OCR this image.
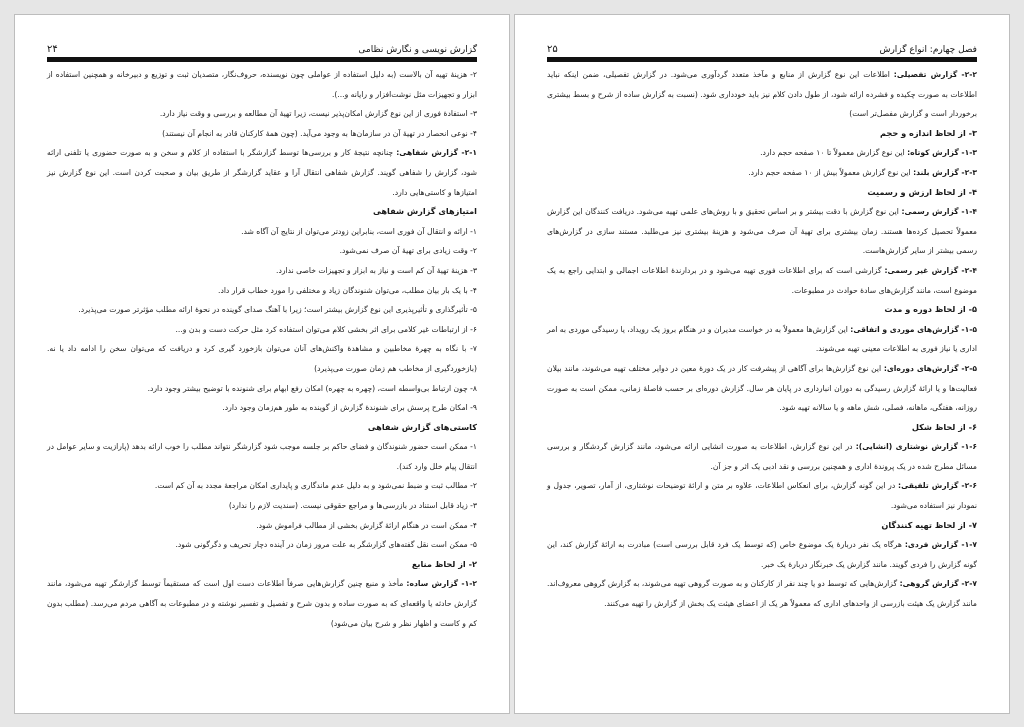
گزارش نویسی و نگارش نظامی
۲۴

۲- هزینهٔ تهیه آن بالاست (به دلیل استفاده از عواملی چون نویسنده، حروف‌نگار، متصدیان ثبت و توزیع و دبیرخانه و همچنین استفاده از ابزار و تجهیزات مثل نوشت‌افزار و رایانه و...).

۳- استفادهٔ فوری از این نوع گزارش امکان‌پذیر نیست، زیرا تهیهٔ آن مطالعه و بررسی و وقت نیاز دارد.

۴- نوعی انحصار در تهیهٔ آن در سازمان‌ها به وجود می‌آید. (چون همهٔ کارکنان قادر به انجام آن نیستند)

۲-۱- گزارش شفاهی: چنانچه نتیجهٔ کار و بررسی‌ها توسط گزارشگر با استفاده از کلام و سخن و به صورت حضوری یا تلفنی ارائه شود، گزارش را شفاهی گویند. گزارش شفاهی انتقال آرا و عقاید گزارشگر از طریق بیان و صحبت کردن است. این نوع گزارش نیز امتیازها و کاستی‌هایی دارد.

امتیازهای گزارش شفاهی

۱- ارائه و انتقال آن فوری است، بنابراین زودتر می‌توان از نتایج آن آگاه شد.

۲- وقت زیادی برای تهیهٔ آن صرف نمی‌شود.

۳- هزینهٔ تهیهٔ آن کم است و نیاز به ابزار و تجهیزات خاصی ندارد.

۴- با یک بار بیان مطلب، می‌توان شنوندگان زیاد و مختلفی را مورد خطاب قرار داد.

۵- تأثیرگذاری و تأثیرپذیری این نوع گزارش بیشتر است؛ زیرا با آهنگ صدای گوینده در نحوهٔ ارائه مطلب مؤثرتر صورت می‌پذیرد.

۶- از ارتباطات غیر کلامی برای اثر بخشی کلام می‌توان استفاده کرد مثل حرکت دست و بدن و...

۷- با نگاه به چهرهٔ مخاطبین و مشاهدهٔ واکنش‌های آنان می‌توان بازخورد گیری کرد و دریافت که می‌توان سخن را ادامه داد یا نه. (بازخوردگیری از مخاطب هم زمان صورت می‌پذیرد)

۸- چون ارتباط بی‌واسطه است، (چهره به چهره) امکان رفع ابهام برای شنونده با توضیح بیشتر وجود دارد.

۹- امکان طرح پرسش برای شنوندهٔ گزارش از گوینده به طور هم‌زمان وجود دارد.

کاستی‌های گزارش شفاهی

۱- ممکن است حضور شنوندگان و فضای حاکم بر جلسه موجب شود گزارشگر نتواند مطلب را خوب ارائه بدهد (پارازیت و سایر عوامل در انتقال پیام خلل وارد کند).

۲- مطالب ثبت و ضبط نمی‌شود و به دلیل عدم ماندگاری و پایداری امکان مراجعهٔ مجدد به آن کم است.

۳- زیاد قابل استناد در بازرسی‌ها و مراجع حقوقی نیست. (سندیت لازم را ندارد)

۴- ممکن است در هنگام ارائهٔ گزارش بخشی از مطالب فراموش شود.

۵- ممکن است نقل گفته‌های گزارشگر به علت مرور زمان در آینده دچار تحریف و دگرگونی شود.

۲- از لحاظ منابع

۱-۲- گزارش ساده: مأخذ و منبع چنین گزارش‌هایی صرفاً اطلاعات دست اول است که مستقیماً توسط گزارشگر تهیه می‌شود، مانند گزارش حادثه یا واقعه‌ای که به صورت ساده و بدون شرح و تفصیل و تفسیر نوشته و در مطبوعات به آگاهی مردم می‌رسد. (مطلب بدون کم و کاست و اظهار نظر و شرح بیان می‌شود)

فصل چهارم: انواع گزارش
۲۵

۲-۲- گزارش تفصیلی: اطلاعات این نوع گزارش از منابع و مآخذ متعدد گردآوری می‌شود. در گزارش تفصیلی، ضمن اینکه نباید اطلاعات به صورت چکیده و فشرده ارائه شود، از طول دادن کلام نیز باید خودداری شود. (نسبت به گزارش ساده از شرح و بسط بیشتری برخوردار است و گزارش مفصل‌تر است)

۳- از لحاظ اندازه و حجم

۱-۳- گزارش کوتاه: این نوع گزارش معمولاً تا ۱۰ صفحه حجم دارد.

۲-۳- گزارش بلند: این نوع گزارش معمولاً بیش از ۱۰ صفحه حجم دارد.

۴- از لحاظ ارزش و رسمیت

۱-۴- گزارش رسمی: این نوع گزارش با دقت بیشتر و بر اساس تحقیق و با روش‌های علمی تهیه می‌شود. دریافت کنندگان این گزارش معمولاً تحصیل کرده‌ها هستند. زمان بیشتری برای تهیهٔ آن صرف می‌شود و هزینهٔ بیشتری نیز می‌طلبد. مستند سازی در گزارش‌های رسمی بیشتر از سایر گزارش‌هاست.

۲-۴- گزارش غیر رسمی: گزارشی است که برای اطلاعات فوری تهیه می‌شود و در بردارندهٔ اطلاعات اجمالی و ابتدایی راجع به یک موضوع است، مانند گزارش‌های سادهٔ حوادث در مطبوعات.

۵- از لحاظ دوره و مدت

۱-۵- گزارش‌های موردی و اتفاقی: این گزارش‌ها معمولاً به در خواست مدیران و در هنگام بروز یک رویداد، یا رسیدگی موردی به امر اداری یا نیاز فوری به اطلاعات معینی تهیه می‌شوند.

۲-۵- گزارش‌های دوره‌ای: این نوع گزارش‌ها برای آگاهی از پیشرفت کار در یک دورهٔ معین در دوایر مختلف تهیه می‌شوند، مانند بیلان فعالیت‌ها و یا ارائهٔ گزارش رسیدگی به دوران انبارداری در پایان هر سال. گزارش دوره‌ای بر حسب فاصلهٔ زمانی، ممکن است به صورت روزانه، هفتگی، ماهانه، فصلی، شش ماهه و یا سالانه تهیه شود.

۶- از لحاظ شکل

۱-۶- گزارش نوشتاری (انشایی): در این نوع گزارش، اطلاعات به صورت انشایی ارائه می‌شود، مانند گزارش گردشگار و بررسی مسائل مطرح شده در یک پروندهٔ اداری و همچنین بررسی و نقد ادبی یک اثر و جز آن.

۲-۶- گزارش تلفیقی: در این گونه گزارش، برای انعکاس اطلاعات، علاوه بر متن و ارائهٔ توضیحات نوشتاری، از آمار، تصویر، جدول و نمودار نیز استفاده می‌شود.

۷- از لحاظ تهیه کنندگان

۱-۷- گزارش فردی: هرگاه یک نفر دربارهٔ یک موضوع خاص (که توسط یک فرد قابل بررسی است) مبادرت به ارائهٔ گزارش کند، این گونه گزارش را فردی گویند. مانند گزارش یک خبرنگار دربارهٔ یک خبر.

۲-۷- گزارش گروهی: گزارش‌هایی که توسط دو یا چند نفر از کارکنان و به صورت گروهی تهیه می‌شوند، به گزارش گروهی معروف‌اند. مانند گزارش یک هیئت بازرسی از واحدهای اداری که معمولاً هر یک از اعضای هیئت یک بخش از گزارش را تهیه می‌کنند.
